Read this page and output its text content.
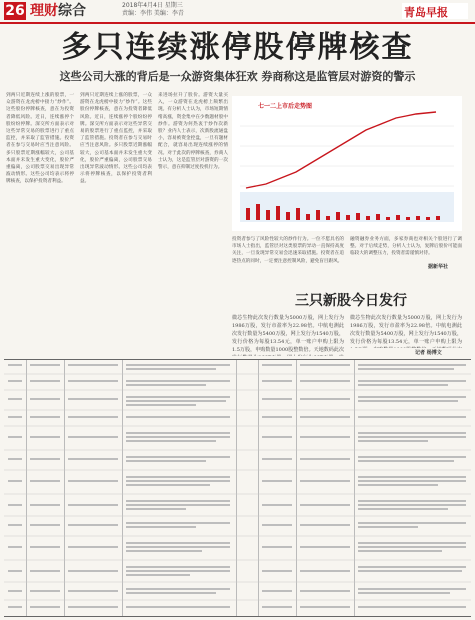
26 理财综合	2018年4月4日 星期三
责编：李伟 美编：李青	青岛早报
多只连续涨停股停牌核查
这些公司大涨的背后是一众游资集体狂欢 券商称这是监管层对游资的警示
到两只近期连续上涨的股票，一众游资在龙虎榜中接力“炒作”。这些股份停牌核查，意在为投资者降低风险。近日，连续涨停个股纷纷停牌。深交所方面表示对这些异常交易的股票进行了重点监控，并采取了监管措施。投资者在参与交易时应当注意风险。多只股票近期涨幅较大，公司基本面并未发生重大变化，股价严重偏离，公司股票交易出现异常波动情形。这些公司均表示将停牌核查，以保护投资者利益。
到两只近期连续上涨的股票，一众游资在龙虎榜中接力“炒作”。这些股份停牌核查，意在为投资者降低风险。近日，连续涨停个股纷纷停牌。深交所方面表示对这些异常交易的股票进行了重点监控，并采取了监管措施。投资者在参与交易时应当注意风险。多只股票近期涨幅较大，公司基本面并未发生重大变化，股价严重偏离，公司股票交易出现异常波动情形。这些公司均表示将停牌核查，以保护投资者利益。
来进场拉升了股价。游资大量买入，一众游资在龙虎榜上频繁出现。有分析人士认为，市场短期情绪高涨，资金集中在少数题材股中炒作。游资为何热衷于炒作次新股？业内人士表示，次新股流通盘小，容易被资金控盘，一旦有题材配合，就容易出现连续涨停的情况。对于此次的停牌核查，券商人士认为，这是监管层对游资的一次警示，意在抑制过度投机行为。
七一二上市后走势图
投资者参与了风险性较大的炒作行为。一位不愿具名的市场人士指出，监管层对这类股票的异动一直保持高度关注，一旦发现异常交易会迅速采取措施。投资者在追逐热点的同时，一定要注意控制风险，避免盲目跟风。
融资融券业务方面，多家券商也对相关个股进行了调整。对于后续走势，分析人士认为，复牌后股价可能面临较大的调整压力，投资者需谨慎对待。
据新华社
三只新股今日发行
微芯生物此次发行数量为5000万股，网上发行为1986万股，发行市盈率为22.98倍。中航电测此次发行数量为5400万股，网上发行为1540万股，发行价格为每股13.54元，单一账户申购上限为1.5万股，申购数量1000股整数倍。天地数码此次
微芯生物此次发行数量为5000万股，网上发行为1986万股，发行市盈率为22.98倍。中航电测此次发行数量为5400万股，网上发行为1540万股，发行价格为每股13.54元，单一账户申购上限为
记者 杨博文
